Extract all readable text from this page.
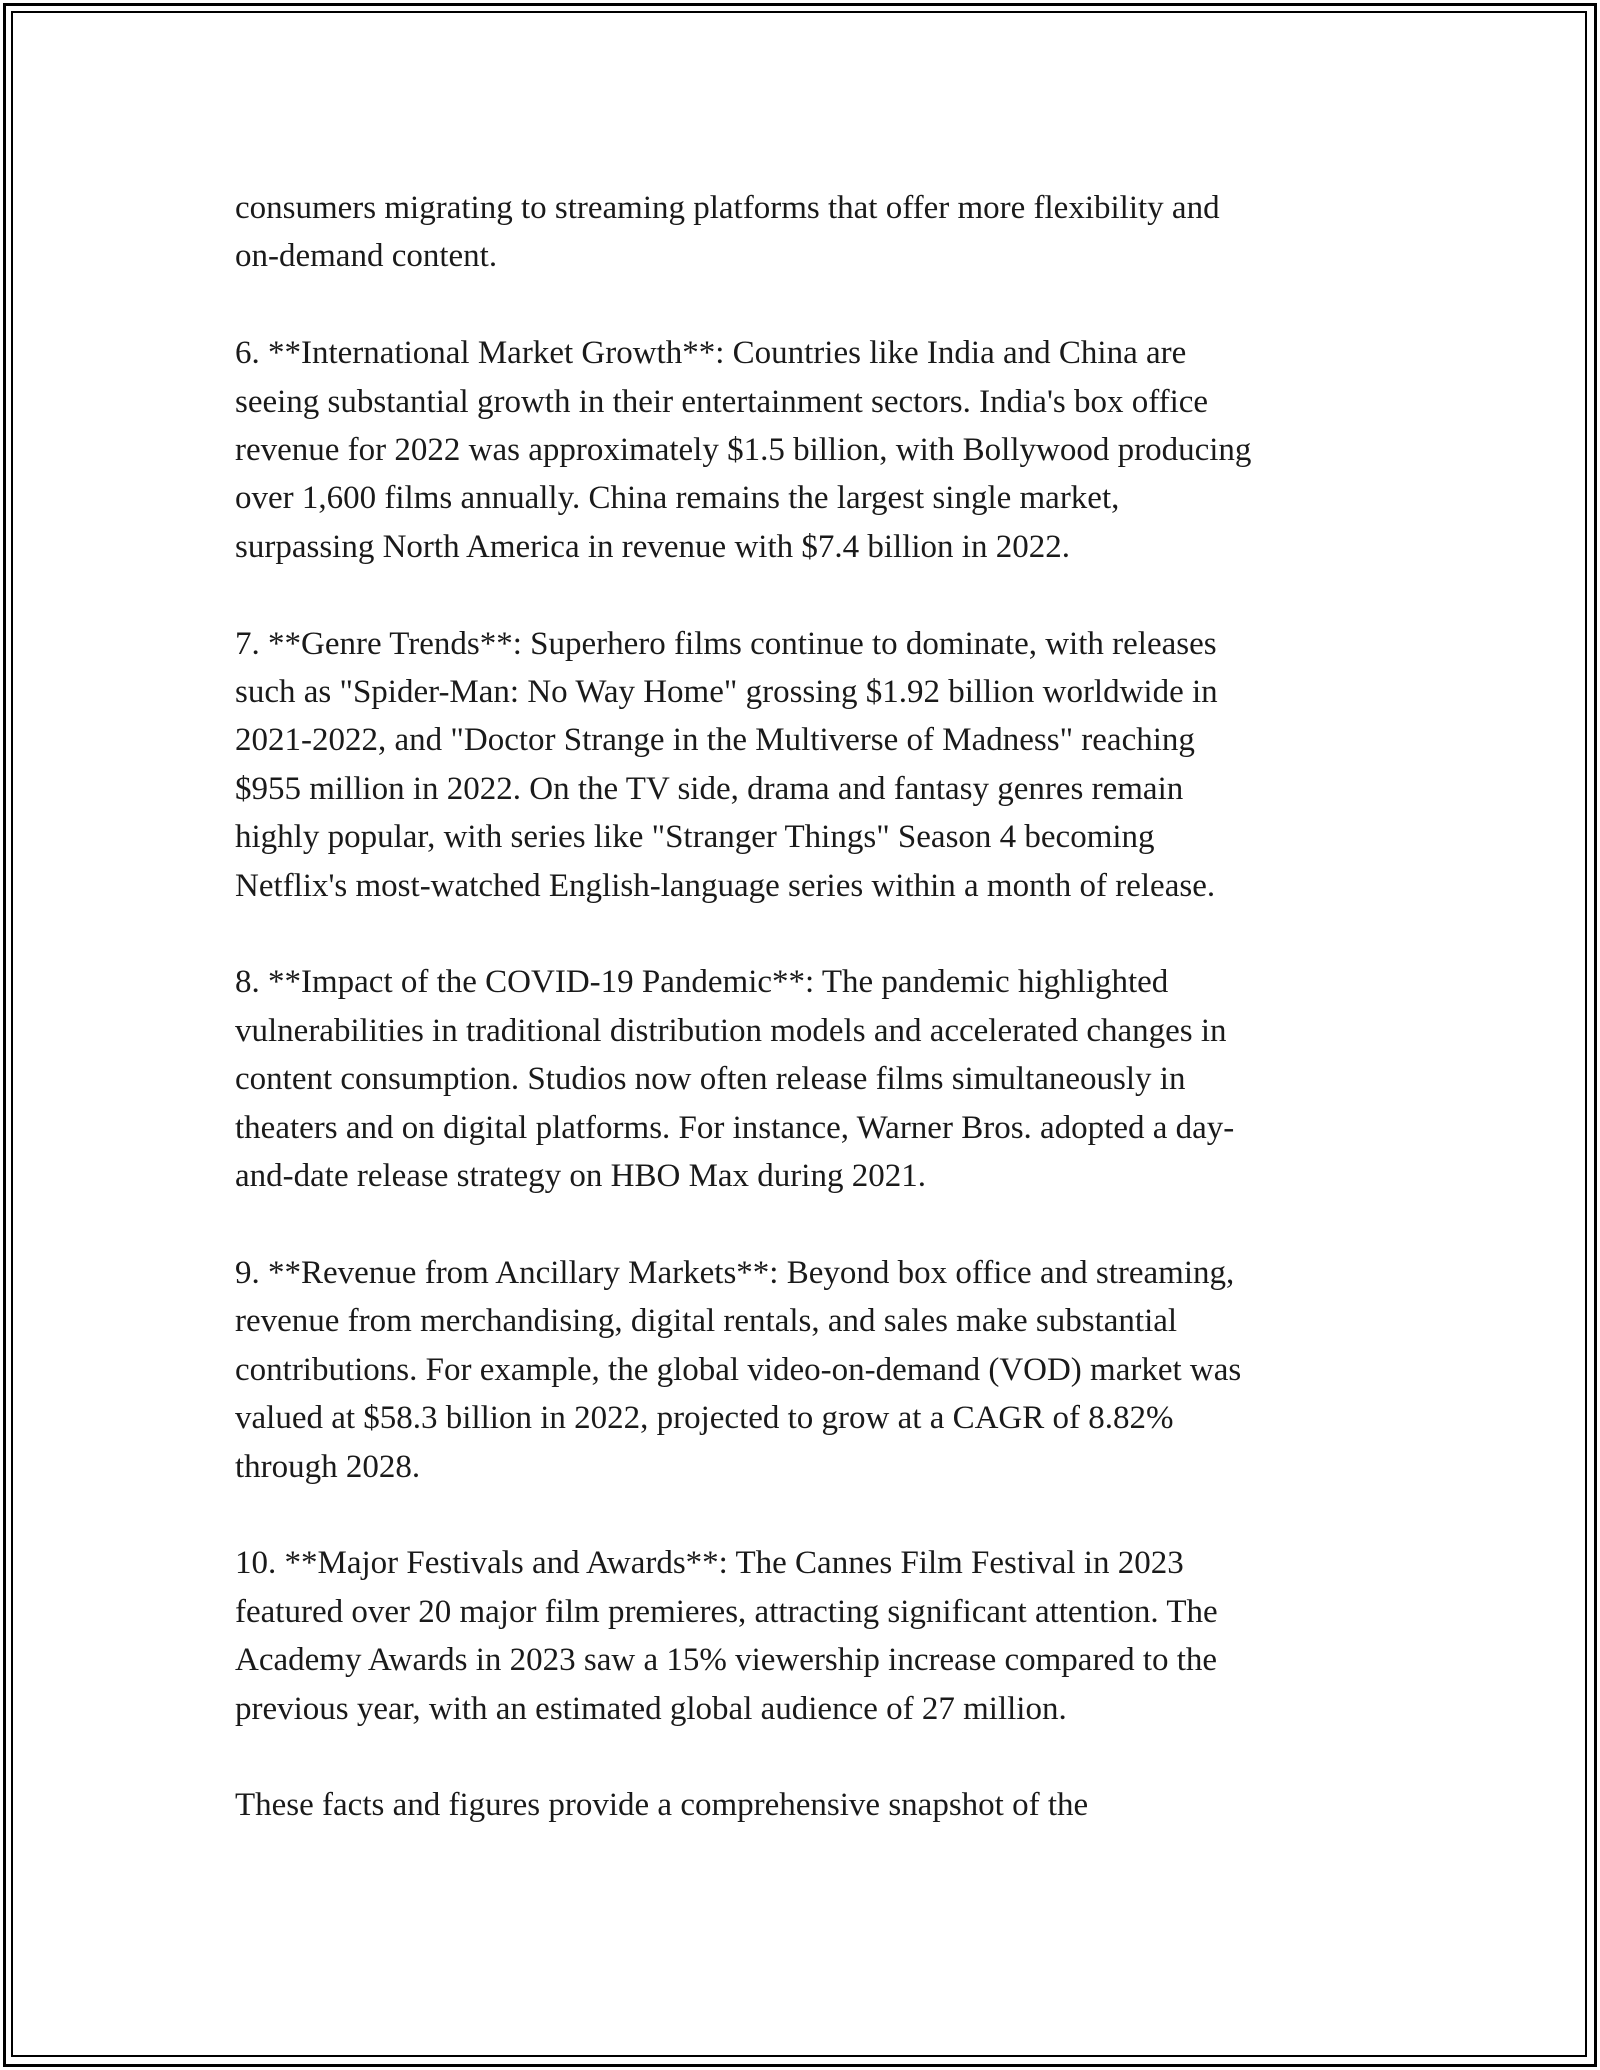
consumers migrating to streaming platforms that offer more flexibility and
on-demand content.

6. **International Market Growth**: Countries like India and China are
seeing substantial growth in their entertainment sectors. India's box office
revenue for 2022 was approximately $1.5 billion, with Bollywood producing
over 1,600 films annually. China remains the largest single market,
surpassing North America in revenue with $7.4 billion in 2022.

7. **Genre Trends**: Superhero films continue to dominate, with releases
such as "Spider-Man: No Way Home" grossing $1.92 billion worldwide in
2021-2022, and "Doctor Strange in the Multiverse of Madness" reaching
$955 million in 2022. On the TV side, drama and fantasy genres remain
highly popular, with series like "Stranger Things" Season 4 becoming
Netflix's most-watched English-language series within a month of release.

8. **Impact of the COVID-19 Pandemic**: The pandemic highlighted
vulnerabilities in traditional distribution models and accelerated changes in
content consumption. Studios now often release films simultaneously in
theaters and on digital platforms. For instance, Warner Bros. adopted a day-
and-date release strategy on HBO Max during 2021.

9. **Revenue from Ancillary Markets**: Beyond box office and streaming,
revenue from merchandising, digital rentals, and sales make substantial
contributions. For example, the global video-on-demand (VOD) market was
valued at $58.3 billion in 2022, projected to grow at a CAGR of 8.82%
through 2028.

10. **Major Festivals and Awards**: The Cannes Film Festival in 2023
featured over 20 major film premieres, attracting significant attention. The
Academy Awards in 2023 saw a 15% viewership increase compared to the
previous year, with an estimated global audience of 27 million.

These facts and figures provide a comprehensive snapshot of the
